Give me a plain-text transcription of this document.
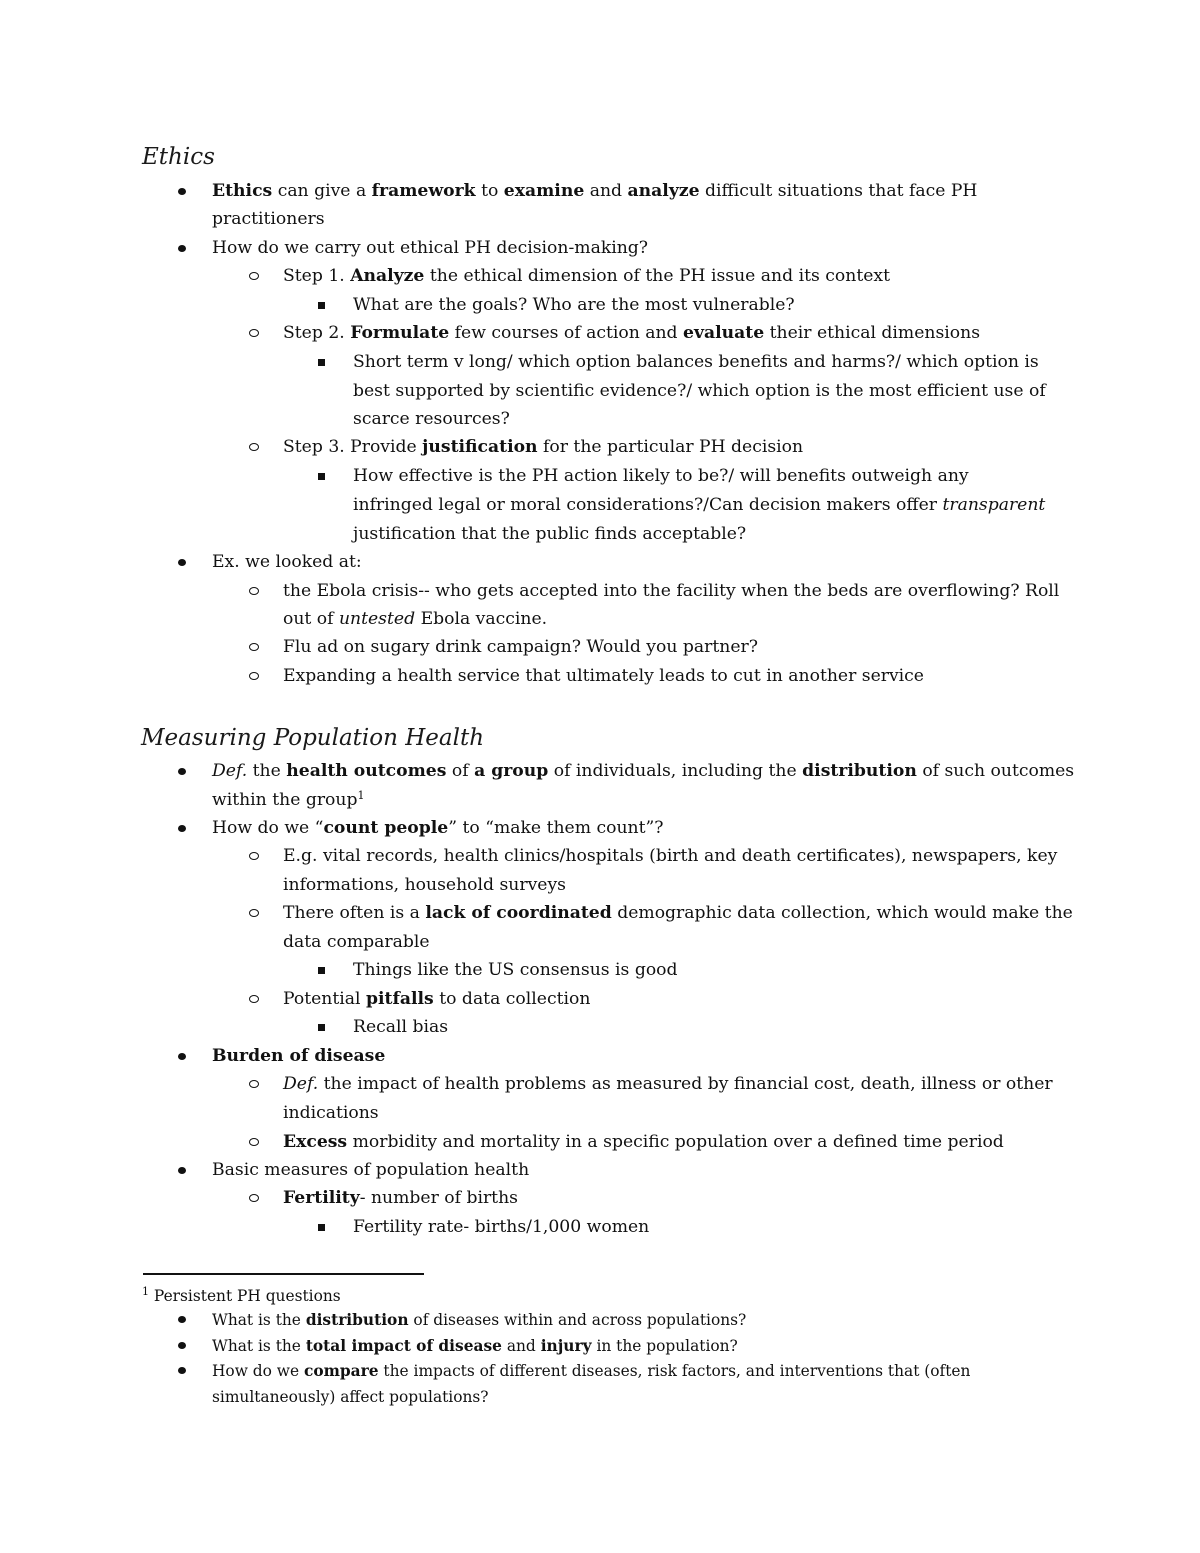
Ethics
Ethics can give a framework to examine and analyze difficult situations that face PH
practitioners
How do we carry out ethical PH decision-making?
Step 1. Analyze the ethical dimension of the PH issue and its context
What are the goals? Who are the most vulnerable?
Step 2. Formulate few courses of action and evaluate their ethical dimensions
Short term v long/ which option balances benefits and harms?/ which option is
best supported by scientific evidence?/ which option is the most efficient use of
scarce resources?
Step 3. Provide justification for the particular PH decision
How effective is the PH action likely to be?/ will benefits outweigh any
infringed legal or moral considerations?/Can decision makers offer transparent
justification that the public finds acceptable?
Ex. we looked at:
the Ebola crisis-- who gets accepted into the facility when the beds are overflowing? Roll
out of untested Ebola vaccine.
Flu ad on sugary drink campaign? Would you partner?
Expanding a health service that ultimately leads to cut in another service
Measuring Population Health
Def. the health outcomes of a group of individuals, including the distribution of such outcomes
within the group$^1$
How do we “count people” to “make them count”?
E.g. vital records, health clinics/hospitals (birth and death certificates), newspapers, key
informations, household surveys
There often is a lack of coordinated demographic data collection, which would make the
data comparable
Things like the US consensus is good
Potential pitfalls to data collection
Recall bias
Burden of disease
Def. the impact of health problems as measured by financial cost, death, illness or other
indications
Excess morbidity and mortality in a specific population over a defined time period
Basic measures of population health
Fertility- number of births
Fertility rate- births/1,000 women
$^1$ Persistent PH questions
What is the distribution of diseases within and across populations?
What is the total impact of disease and injury in the population?
How do we compare the impacts of different diseases, risk factors, and interventions that (often
simultaneously) affect populations?
